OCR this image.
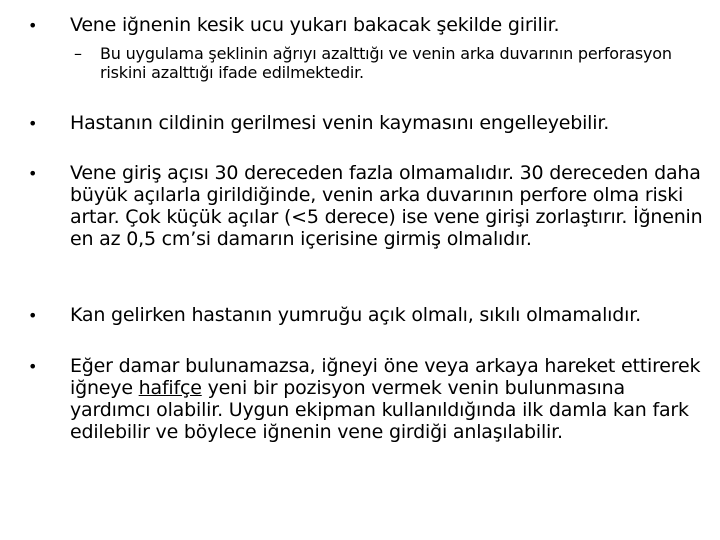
• Vene iğnenin kesik ucu yukarı bakacak şekilde girilir.
– Bu uygulama şeklinin ağrıyı azalttığı ve venin arka duvarının perforasyon riskini azalttığı ifade edilmektedir.
• Hastanın cildinin gerilmesi venin kaymasını engelleyebilir.
• Vene giriş açısı 30 dereceden fazla olmamalıdır. 30 dereceden daha büyük açılarla girildiğinde, venin arka duvarının perfore olma riski artar. Çok küçük açılar (<5 derece) ise vene girişi zorlaştırır. İğnenin en az 0,5 cm’si damarın içerisine girmiş olmalıdır.
• Kan gelirken hastanın yumruğu açık olmalı, sıkılı olmamalıdır.
• Eğer damar bulunamazsa, iğneyi öne veya arkaya hareket ettirerek iğneye hafifçe yeni bir pozisyon vermek venin bulunmasına yardımcı olabilir. Uygun ekipman kullanıldığında ilk damla kan fark edilebilir ve böylece iğnenin vene girdiği anlaşılabilir.
